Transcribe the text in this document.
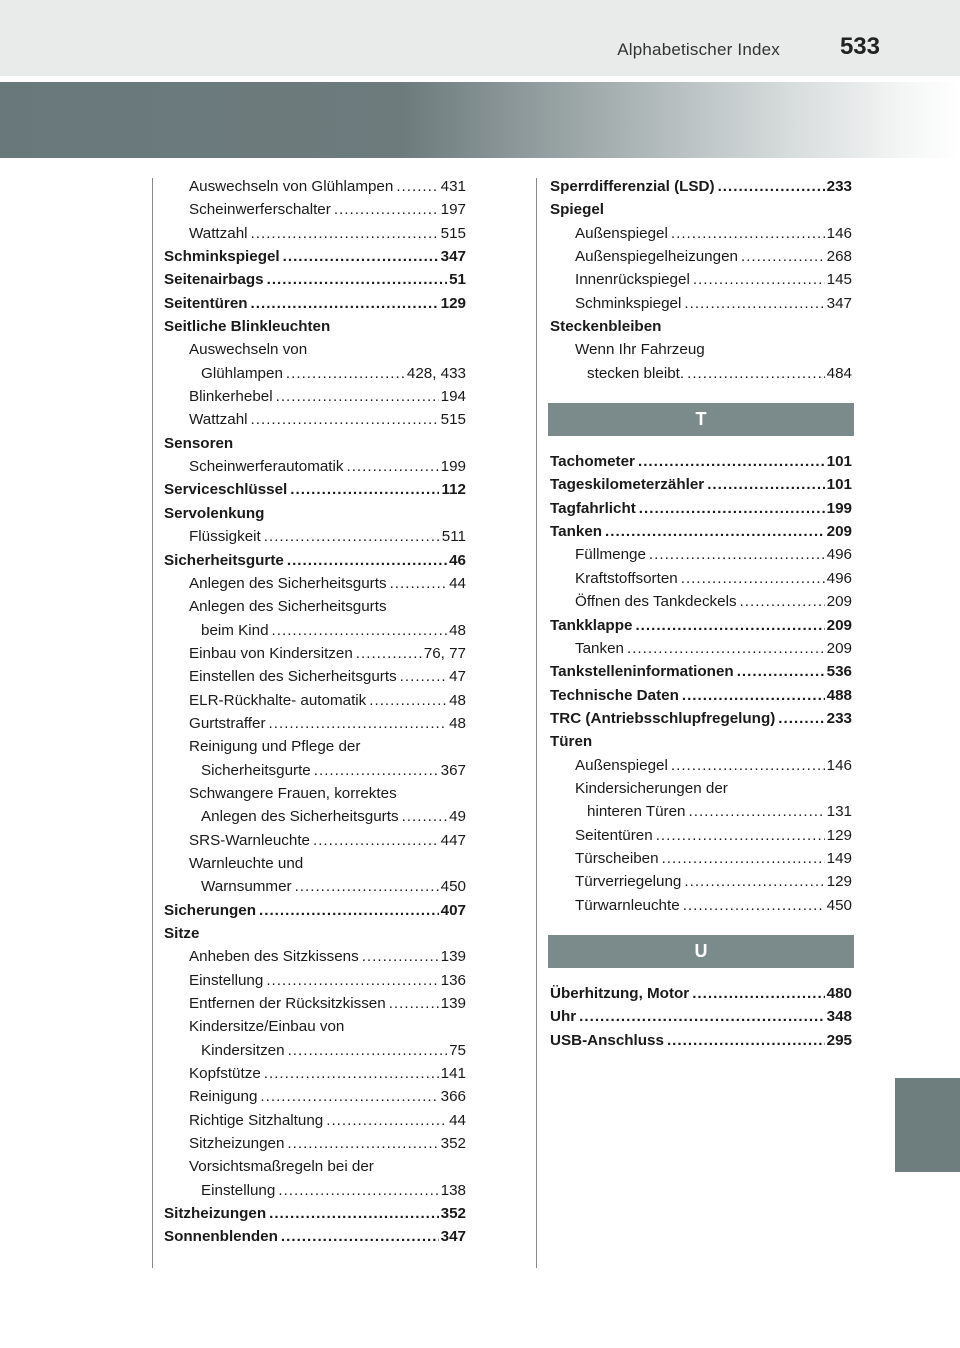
Alphabetischer Index 533
Auswechseln von Glühlampen .....	431
Scheinwerferschalter .....	197
Wattzahl .....	515
Schminkspiegel .....	347
Seitenairbags .....	51
Seitentüren .....	129
Seitliche Blinkleuchten
Auswechseln von
Glühlampen .....	428, 433
Blinkerhebel .....	194
Wattzahl .....	515
Sensoren
Scheinwerferautomatik .....	199
Serviceschlüssel .....	112
Servolenkung
Flüssigkeit .....	511
Sicherheitsgurte .....	46
Anlegen des Sicherheitsgurts .....	44
Anlegen des Sicherheitsgurts
beim Kind .....	48
Einbau von Kindersitzen .....	76, 77
Einstellen des Sicherheitsgurts .....	47
ELR-Rückhalte- automatik .....	48
Gurtstraffer .....	48
Reinigung und Pflege der
Sicherheitsgurte .....	367
Schwangere Frauen, korrektes
Anlegen des Sicherheitsgurts .....	49
SRS-Warnleuchte .....	447
Warnleuchte und
Warnsummer .....	450
Sicherungen .....	407
Sitze
Anheben des Sitzkissens .....	139
Einstellung .....	136
Entfernen der Rücksitzkissen .....	139
Kindersitze/Einbau von
Kindersitzen .....	75
Kopfstütze .....	141
Reinigung .....	366
Richtige Sitzhaltung .....	44
Sitzheizungen .....	352
Vorsichtsmaßregeln bei der
Einstellung .....	138
Sitzheizungen .....	352
Sonnenblenden .....	347
Sperrdifferenzial (LSD) .....	233
Spiegel
Außenspiegel .....	146
Außenspiegelheizungen .....	268
Innenrückspiegel .....	145
Schminkspiegel .....	347
Steckenbleiben
Wenn Ihr Fahrzeug
stecken bleibt. .....	484
T
Tachometer .....	101
Tageskilometerzähler .....	101
Tagfahrlicht .....	199
Tanken .....	209
Füllmenge .....	496
Kraftstoffsorten .....	496
Öffnen des Tankdeckels .....	209
Tankklappe .....	209
Tanken .....	209
Tankstelleninformationen .....	536
Technische Daten .....	488
TRC (Antriebsschlupfregelung) .....	233
Türen
Außenspiegel .....	146
Kindersicherungen der
hinteren Türen .....	131
Seitentüren .....	129
Türscheiben .....	149
Türverriegelung .....	129
Türwarnleuchte .....	450
U
Überhitzung, Motor .....	480
Uhr .....	348
USB-Anschluss .....	295
